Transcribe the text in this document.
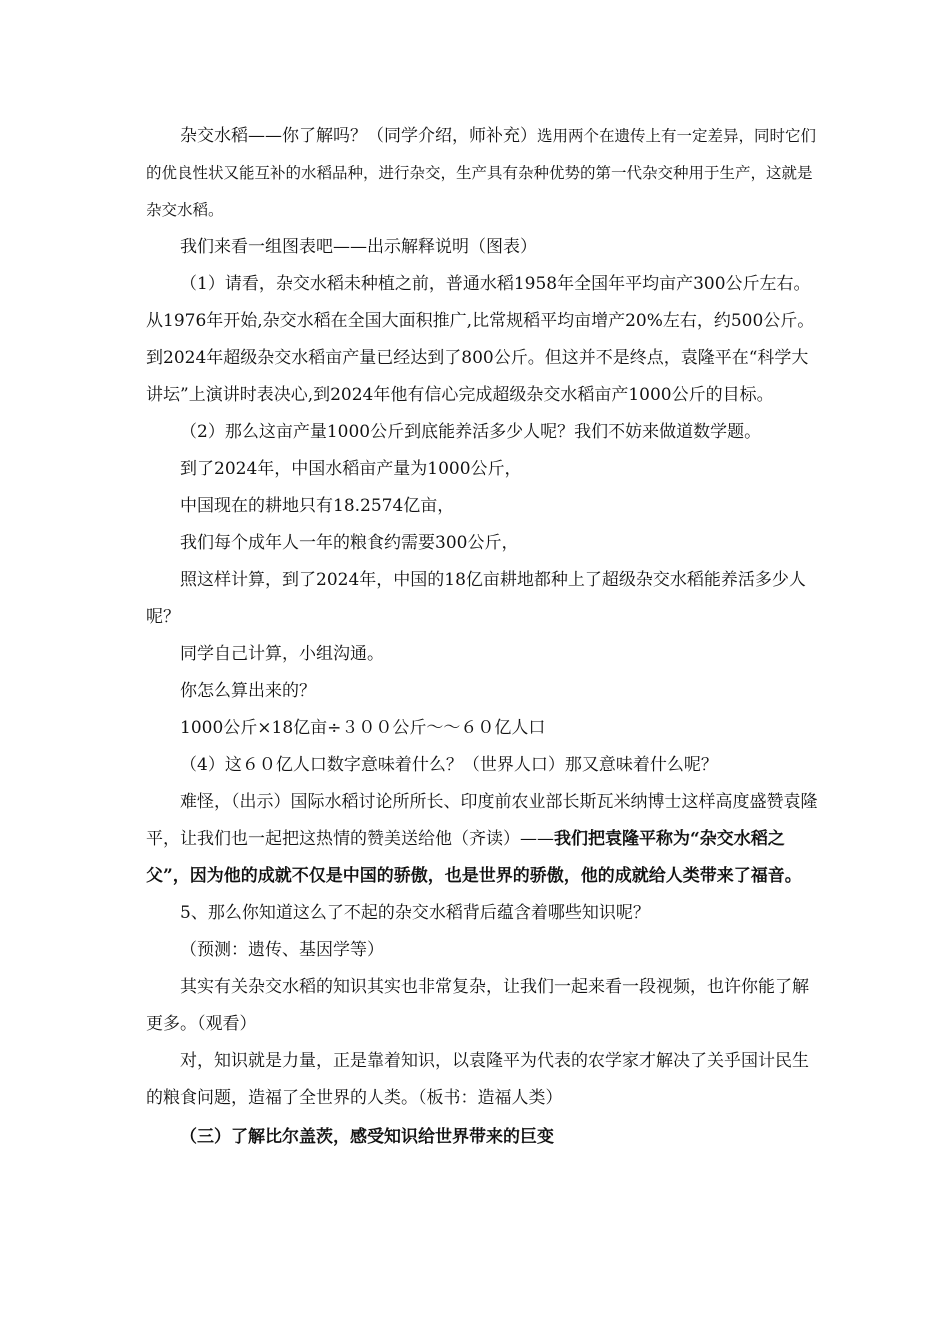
杂交水稻——你了解吗？（同学介绍，师补充）选用两个在遗传上有一定差异，同时它们的优良性状又能互补的水稻品种，进行杂交，生产具有杂种优势的第一代杂交种用于生产，这就是杂交水稻。

我们来看一组图表吧——出示解释说明（图表）

（1）请看，杂交水稻未种植之前，普通水稻1958年全国年平均亩产300公斤左右。从1976年开始,杂交水稻在全国大面积推广,比常规稻平均亩增产20%左右，约500公斤。到2024年超级杂交水稻亩产量已经达到了800公斤。但这并不是终点，袁隆平在“科学大讲坛”上演讲时表决心,到2024年他有信心完成超级杂交水稻亩产1000公斤的目标。

（2）那么这亩产量1000公斤到底能养活多少人呢？我们不妨来做道数学题。

到了2024年，中国水稻亩产量为1000公斤，

中国现在的耕地只有18.2574亿亩，

我们每个成年人一年的粮食约需要300公斤，

照这样计算，到了2024年，中国的18亿亩耕地都种上了超级杂交水稻能养活多少人呢？

同学自己计算，小组沟通。

你怎么算出来的？

1000公斤×18亿亩÷３００公斤～～６０亿人口

（4）这６０亿人口数字意味着什么？（世界人口）那又意味着什么呢？

难怪，（出示）国际水稻讨论所所长、印度前农业部长斯瓦米纳博士这样高度盛赞袁隆平，让我们也一起把这热情的赞美送给他（齐读）——我们把袁隆平称为“杂交水稻之父”，因为他的成就不仅是中国的骄傲，也是世界的骄傲，他的成就给人类带来了福音。

5、那么你知道这么了不起的杂交水稻背后蕴含着哪些知识呢？

（预测：遗传、基因学等）

其实有关杂交水稻的知识其实也非常复杂，让我们一起来看一段视频，也许你能了解更多。（观看）

对，知识就是力量，正是靠着知识，以袁隆平为代表的农学家才解决了关乎国计民生的粮食问题，造福了全世界的人类。（板书：造福人类）

（三）了解比尔盖茨，感受知识给世界带来的巨变
